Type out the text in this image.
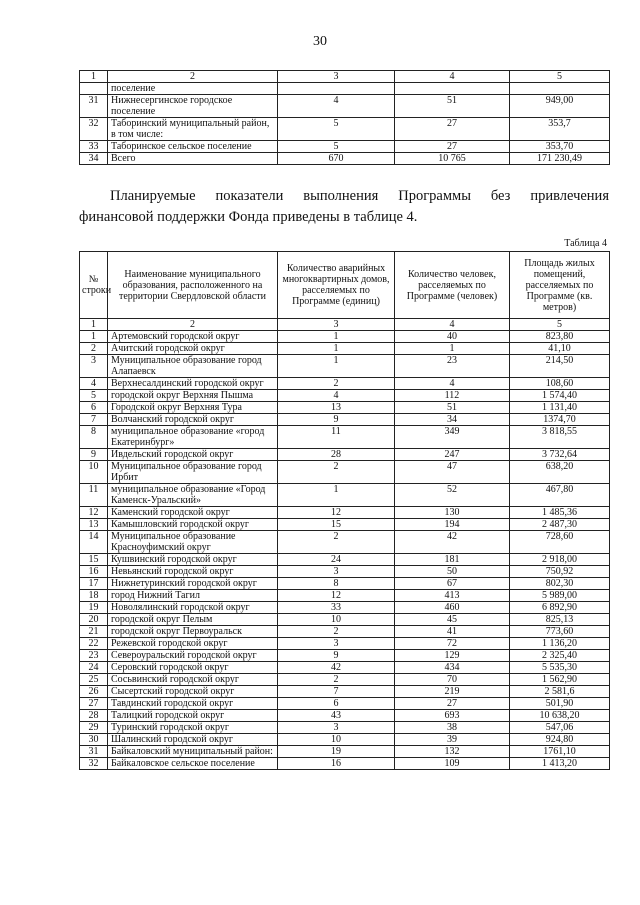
30
1	2	3	4	5
	поселение			
31	Нижнесергинское городское поселение	4	51	949,00
32	Таборинский муниципальный район, в том числе:	5	27	353,7
33	Таборинское сельское поселение	5	27	353,70
34	Всего	670	10 765	171 230,49
Планируемые показатели выполнения Программы без привлечения
финансовой поддержки Фонда приведены в таблице 4.
Таблица 4
№ строки	Наименование муниципального образования, расположенного на территории Свердловской области	Количество аварийных многоквартирных домов, расселяемых по Программе (единиц)	Количество человек, расселяемых по Программе (человек)	Площадь жилых помещений, расселяемых по Программе (кв. метров)
1	2	3	4	5
1	Артемовский городской округ	1	40	823,80
2	Ачитский городской округ	1	1	41,10
3	Муниципальное образование город Алапаевск	1	23	214,50
4	Верхнесалдинский городской округ	2	4	108,60
5	городской округ Верхняя Пышма	4	112	1 574,40
6	Городской округ Верхняя Тура	13	51	1 131,40
7	Волчанский городской округ	9	34	1374,70
8	муниципальное образование «город Екатеринбург»	11	349	3 818,55
9	Ивдельский городской округ	28	247	3 732,64
10	Муниципальное образование город Ирбит	2	47	638,20
11	муниципальное образование «Город Каменск-Уральский»	1	52	467,80
12	Каменский городской округ	12	130	1 485,36
13	Камышловский городской округ	15	194	2 487,30
14	Муниципальное образование Красноуфимский округ	2	42	728,60
15	Кушвинский городской округ	24	181	2 918,00
16	Невьянский городской округ	3	50	750,92
17	Нижнетуринский городской округ	8	67	802,30
18	город Нижний Тагил	12	413	5 989,00
19	Новолялинский городской округ	33	460	6 892,90
20	городской округ Пелым	10	45	825,13
21	городской округ Первоуральск	2	41	773,60
22	Режевской городской округ	3	72	1 136,20
23	Североуральский городской округ	9	129	2 325,40
24	Серовский городской округ	42	434	5 535,30
25	Сосьвинский городской округ	2	70	1 562,90
26	Сысертский городской округ	7	219	2 581,6
27	Тавдинский городской округ	6	27	501,90
28	Талицкий городской округ	43	693	10 638,20
29	Туринский городской округ	3	38	547,06
30	Шалинский городской округ	10	39	924,80
31	Байкаловский муниципальный район:	19	132	1761,10
32	Байкаловское сельское поселение	16	109	1 413,20
